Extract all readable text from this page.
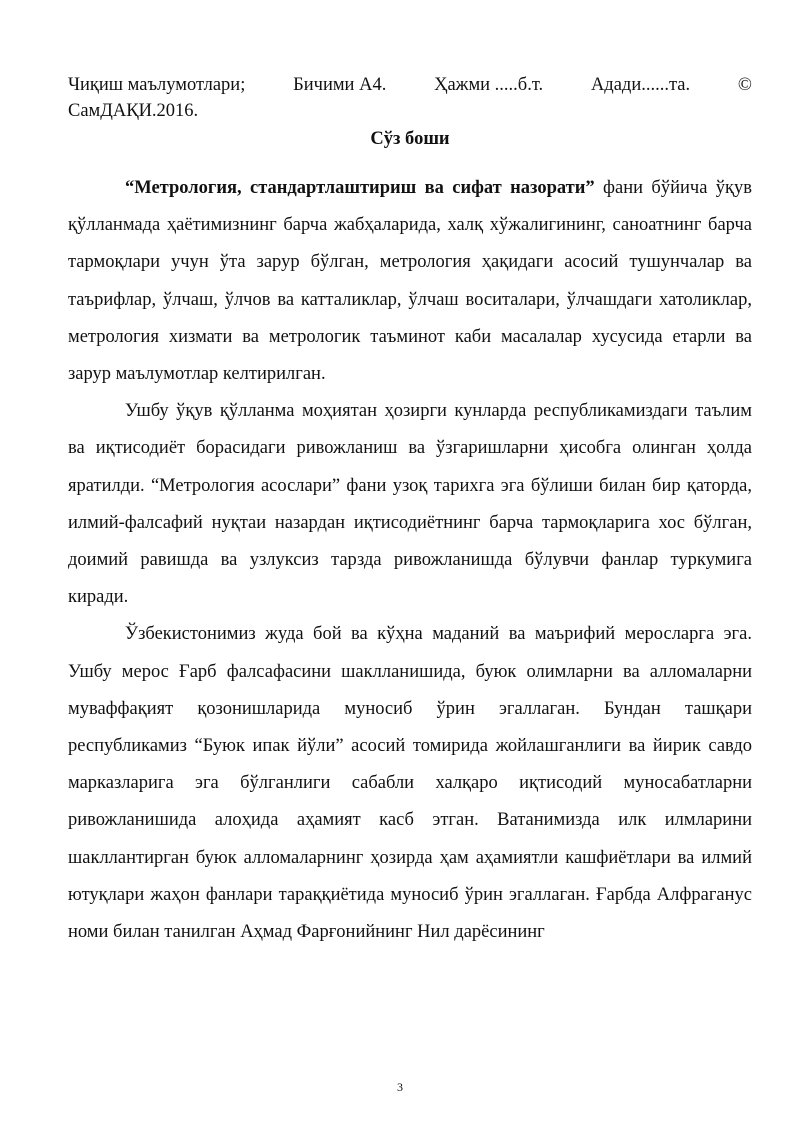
Чиқиш маълумотлари;	Бичими А4.	Ҳажми .....б.т.	Адади......та.	©
СамДАҚИ.2016.
Сўз боши

“Метрология, стандартлаштириш ва сифат назорати” фани бўйича ўқув қўлланмада ҳаётимизнинг барча жабҳаларида, халқ хўжалигининг, саноатнинг барча тармоқлари учун ўта зарур бўлган, метрология ҳақидаги асосий тушунчалар ва таърифлар, ўлчаш, ўлчов ва катталиклар, ўлчаш воситалари, ўлчашдаги хатоликлар, метрология хизмати ва метрологик таъминот каби масалалар хусусида етарли ва зарур маълумотлар келтирилган.

Ушбу ўқув қўлланма моҳиятан ҳозирги кунларда республикамиздаги таълим ва иқтисодиёт борасидаги ривожланиш ва ўзгаришларни ҳисобга олинган ҳолда яратилди. “Метрология асослари” фани узоқ тарихга эга бўлиши билан бир қаторда, илмий-фалсафий нуқтаи назардан иқтисодиётнинг барча тармоқларига хос бўлган, доимий равишда ва узлуксиз тарзда ривожланишда бўлувчи фанлар туркумига киради.

Ўзбекистонимиз жуда бой ва кўҳна маданий ва маърифий меросларга эга. Ушбу мерос Ғарб фалсафасини шаклланишида, буюк олимларни ва алломаларни муваффақият қозонишларида муносиб ўрин эгаллаган. Бундан ташқари республикамиз “Буюк ипак йўли” асосий томирида жойлашганлиги ва йирик савдо марказларига эга бўлганлиги сабабли халқаро иқтисодий муносабатларни ривожланишида алоҳида аҳамият касб этган. Ватанимизда илк илмларини шакллантирган буюк алломаларнинг ҳозирда ҳам аҳамиятли кашфиётлари ва илмий ютуқлари жаҳон фанлари тараққиётида муносиб ўрин эгаллаган. Ғарбда Алфраганус номи билан танилган Аҳмад Фарғонийнинг Нил дарёсининг

3
